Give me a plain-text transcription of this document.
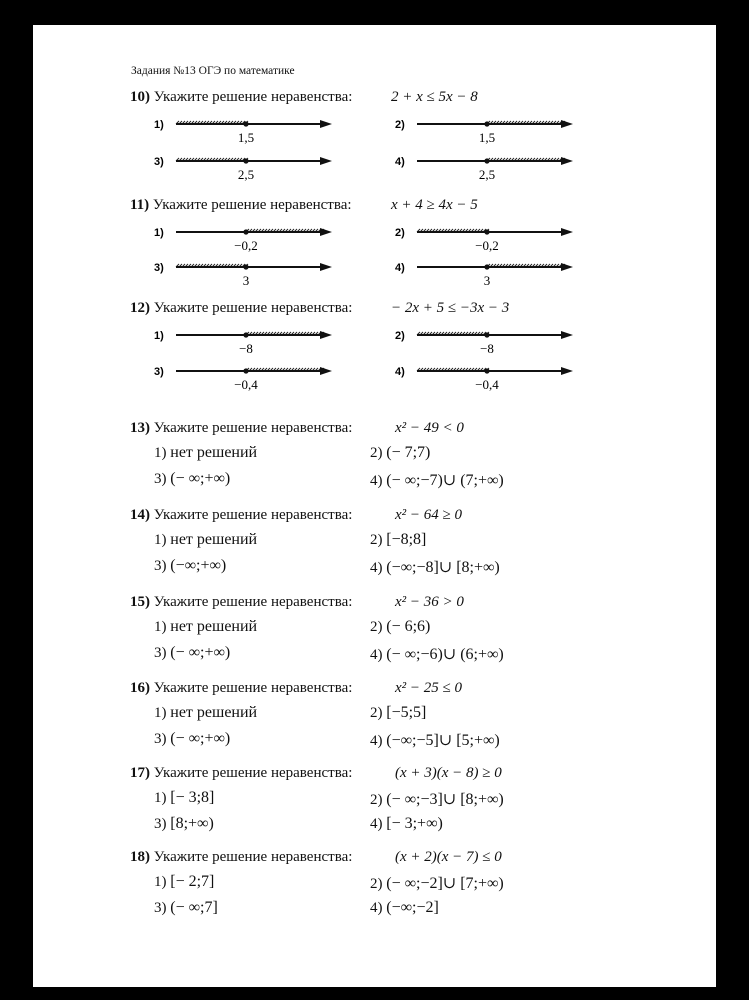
Задания №13 ОГЭ по математике
10) Укажите решение неравенства:	2 + x ≤ 5x − 8
1)
1,5
2)
1,5
3)
2,5
4)
2,5
11) Укажите решение неравенства:	x + 4 ≥ 4x − 5
1)
−0,2
2)
−0,2
3)
3
4)
3
12) Укажите решение неравенства:	− 2x + 5 ≤ −3x − 3
1)
−8
2)
−8
3)
−0,4
4)
−0,4
13) Укажите решение неравенства:	x² − 49 < 0
1) нет решений	2) (− 7;7)
3) (− ∞;+∞)	4) (− ∞;−7)∪ (7;+∞)
14) Укажите решение неравенства:	x² − 64 ≥ 0
1) нет решений	2) [−8;8]
3) (−∞;+∞)	4) (−∞;−8]∪ [8;+∞)
15) Укажите решение неравенства:	x² − 36 > 0
1) нет решений	2) (− 6;6)
3) (− ∞;+∞)	4) (− ∞;−6)∪ (6;+∞)
16) Укажите решение неравенства:	x² − 25 ≤ 0
1) нет решений	2) [−5;5]
3) (− ∞;+∞)	4) (−∞;−5]∪ [5;+∞)
17) Укажите решение неравенства:	(x + 3)(x − 8) ≥ 0
1) [− 3;8]	2) (− ∞;−3]∪ [8;+∞)
3) [8;+∞)	4) [− 3;+∞)
18) Укажите решение неравенства:	(x + 2)(x − 7) ≤ 0
1) [− 2;7]	2) (− ∞;−2]∪ [7;+∞)
3) (− ∞;7]	4) (−∞;−2]
